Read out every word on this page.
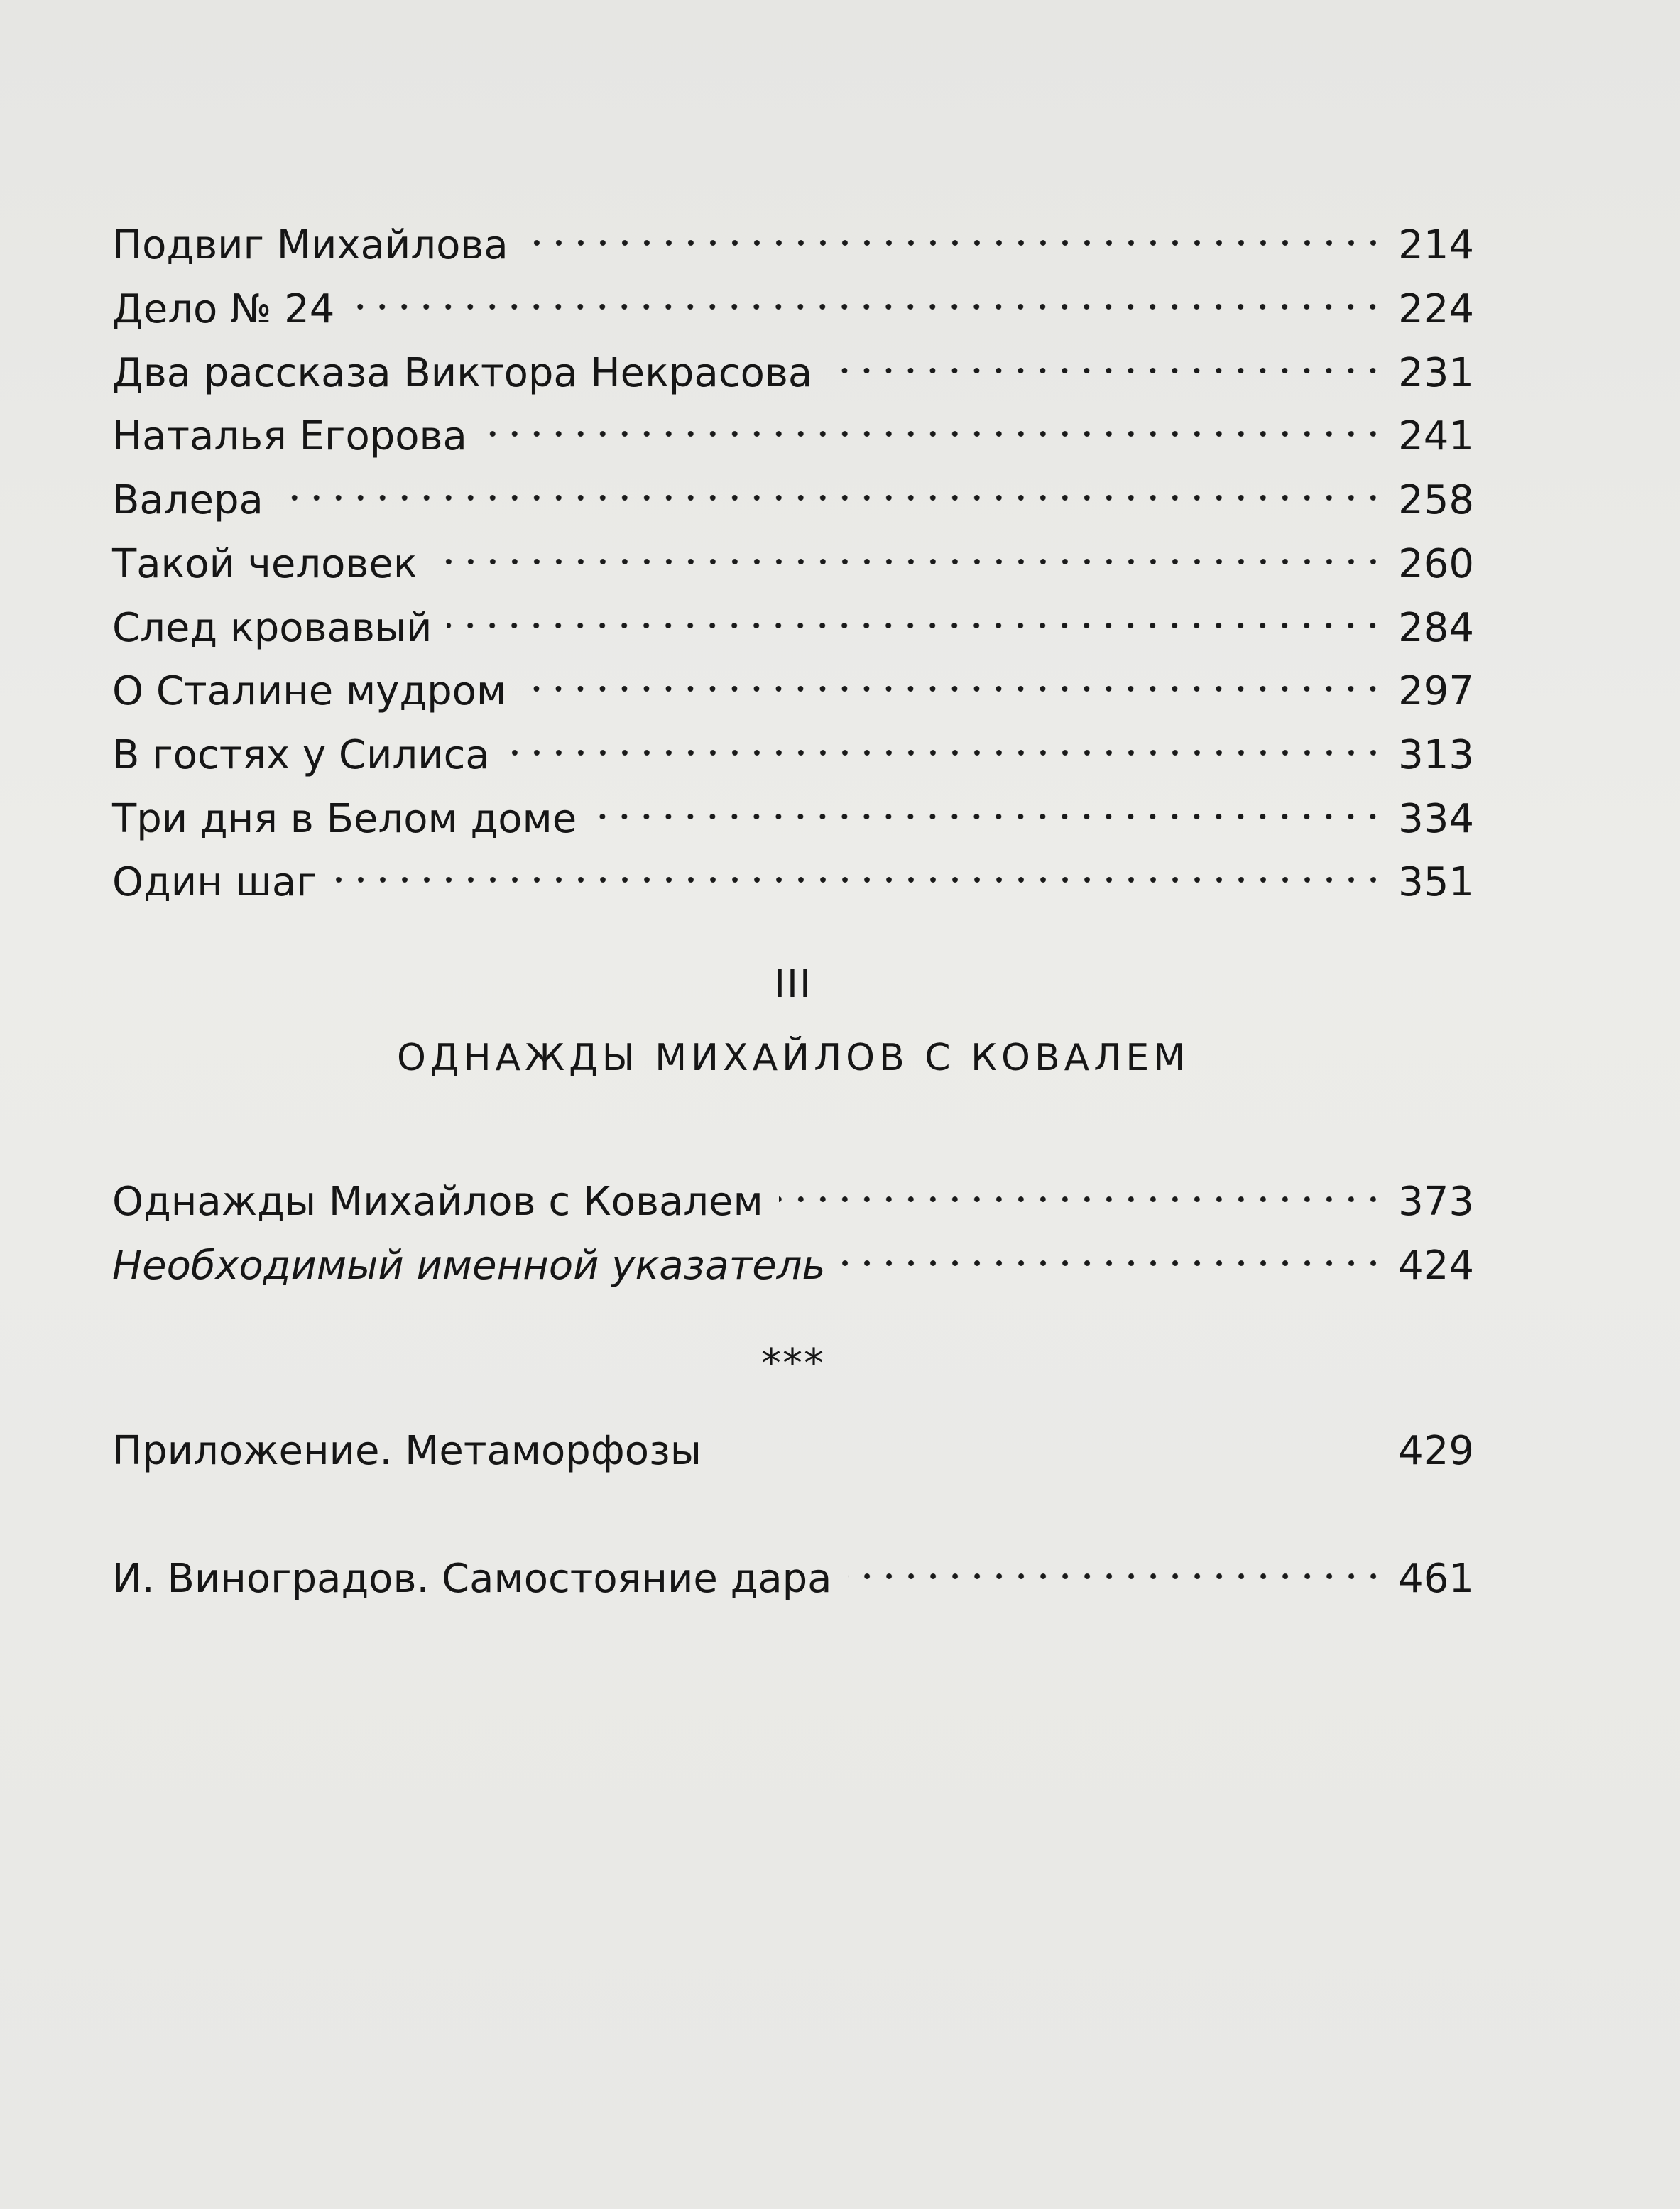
Подвиг Михайлова	214
Дело № 24	224
Два рассказа Виктора Некрасова	231
Наталья Егорова	241
Валера	258
Такой человек	260
След кровавый	284
О Сталине мудром	297
В гостях у Силиса	313
Три дня в Белом доме	334
Один шаг	351
III
ОДНАЖДЫ МИХАЙЛОВ С КОВАЛЕМ
Однажды Михайлов с Ковалем	373
Необходимый именной указатель	424
***
Приложение. Метаморфозы	429
И. Виноградов. Самостояние дара	461
